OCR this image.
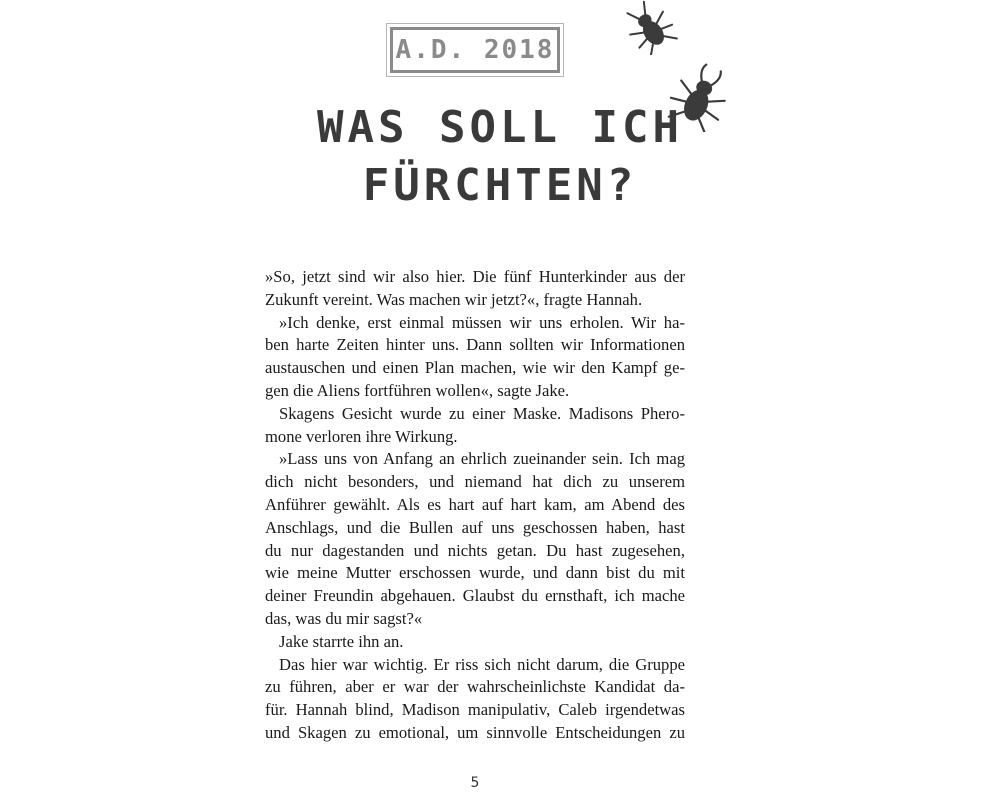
A.D. 2018
WAS SOLL ICH
FÜRCHTEN?
»So, jetzt sind wir also hier. Die fünf Hunterkinder aus der
Zukunft vereint. Was machen wir jetzt?«, fragte Hannah.
»Ich denke, erst einmal müssen wir uns erholen. Wir ha-
ben harte Zeiten hinter uns. Dann sollten wir Informationen
austauschen und einen Plan machen, wie wir den Kampf ge-
gen die Aliens fortführen wollen«, sagte Jake.
Skagens Gesicht wurde zu einer Maske. Madisons Phero-
mone verloren ihre Wirkung.
»Lass uns von Anfang an ehrlich zueinander sein. Ich mag
dich nicht besonders, und niemand hat dich zu unserem
Anführer gewählt. Als es hart auf hart kam, am Abend des
Anschlags, und die Bullen auf uns geschossen haben, hast
du nur dagestanden und nichts getan. Du hast zugesehen,
wie meine Mutter erschossen wurde, und dann bist du mit
deiner Freundin abgehauen. Glaubst du ernsthaft, ich mache
das, was du mir sagst?«
Jake starrte ihn an.
Das hier war wichtig. Er riss sich nicht darum, die Gruppe
zu führen, aber er war der wahrscheinlichste Kandidat da-
für. Hannah blind, Madison manipulativ, Caleb irgendetwas
und Skagen zu emotional, um sinnvolle Entscheidungen zu
5
